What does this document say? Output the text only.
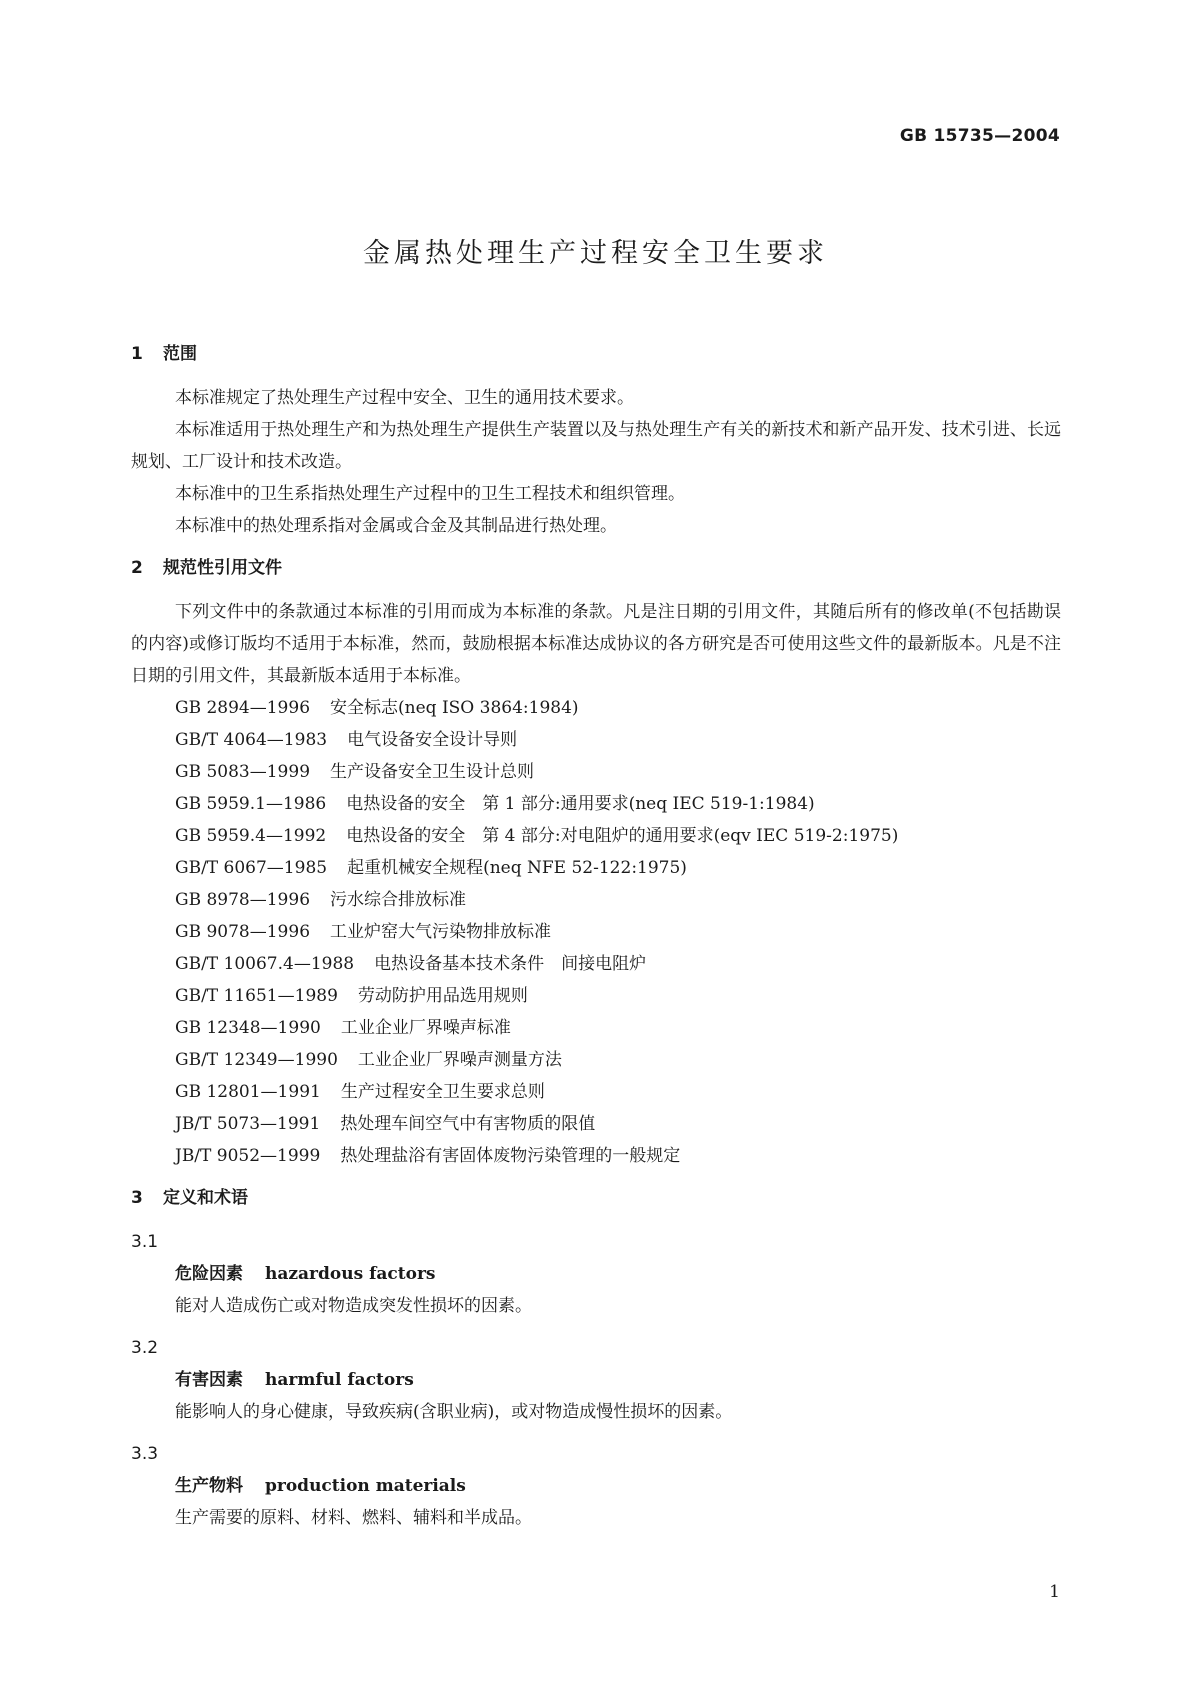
GB 15735—2004
金属热处理生产过程安全卫生要求
1 范围

本标准规定了热处理生产过程中安全、卫生的通用技术要求。

本标准适用于热处理生产和为热处理生产提供生产装置以及与热处理生产有关的新技术和新产品开发、技术引进、长远规划、工厂设计和技术改造。

本标准中的卫生系指热处理生产过程中的卫生工程技术和组织管理。

本标准中的热处理系指对金属或合金及其制品进行热处理。

2 规范性引用文件

下列文件中的条款通过本标准的引用而成为本标准的条款。凡是注日期的引用文件，其随后所有的修改单(不包括勘误的内容)或修订版均不适用于本标准，然而，鼓励根据本标准达成协议的各方研究是否可使用这些文件的最新版本。凡是不注日期的引用文件，其最新版本适用于本标准。

GB 2894—1996 安全标志(neq ISO 3864:1984)
GB/T 4064—1983 电气设备安全设计导则
GB 5083—1999 生产设备安全卫生设计总则
GB 5959.1—1986 电热设备的安全　第 1 部分:通用要求(neq IEC 519-1:1984)
GB 5959.4—1992 电热设备的安全　第 4 部分:对电阻炉的通用要求(eqv IEC 519-2:1975)
GB/T 6067—1985 起重机械安全规程(neq NFE 52-122:1975)
GB 8978—1996 污水综合排放标准
GB 9078—1996 工业炉窑大气污染物排放标准
GB/T 10067.4—1988 电热设备基本技术条件　间接电阻炉
GB/T 11651—1989 劳动防护用品选用规则
GB 12348—1990 工业企业厂界噪声标准
GB/T 12349—1990 工业企业厂界噪声测量方法
GB 12801—1991 生产过程安全卫生要求总则
JB/T 5073—1991 热处理车间空气中有害物质的限值
JB/T 9052—1999 热处理盐浴有害固体废物污染管理的一般规定
3 定义和术语
3.1
危险因素 hazardous factors
能对人造成伤亡或对物造成突发性损坏的因素。
3.2
有害因素 harmful factors
能影响人的身心健康，导致疾病(含职业病)，或对物造成慢性损坏的因素。
3.3
生产物料 production materials
生产需要的原料、材料、燃料、辅料和半成品。
1
